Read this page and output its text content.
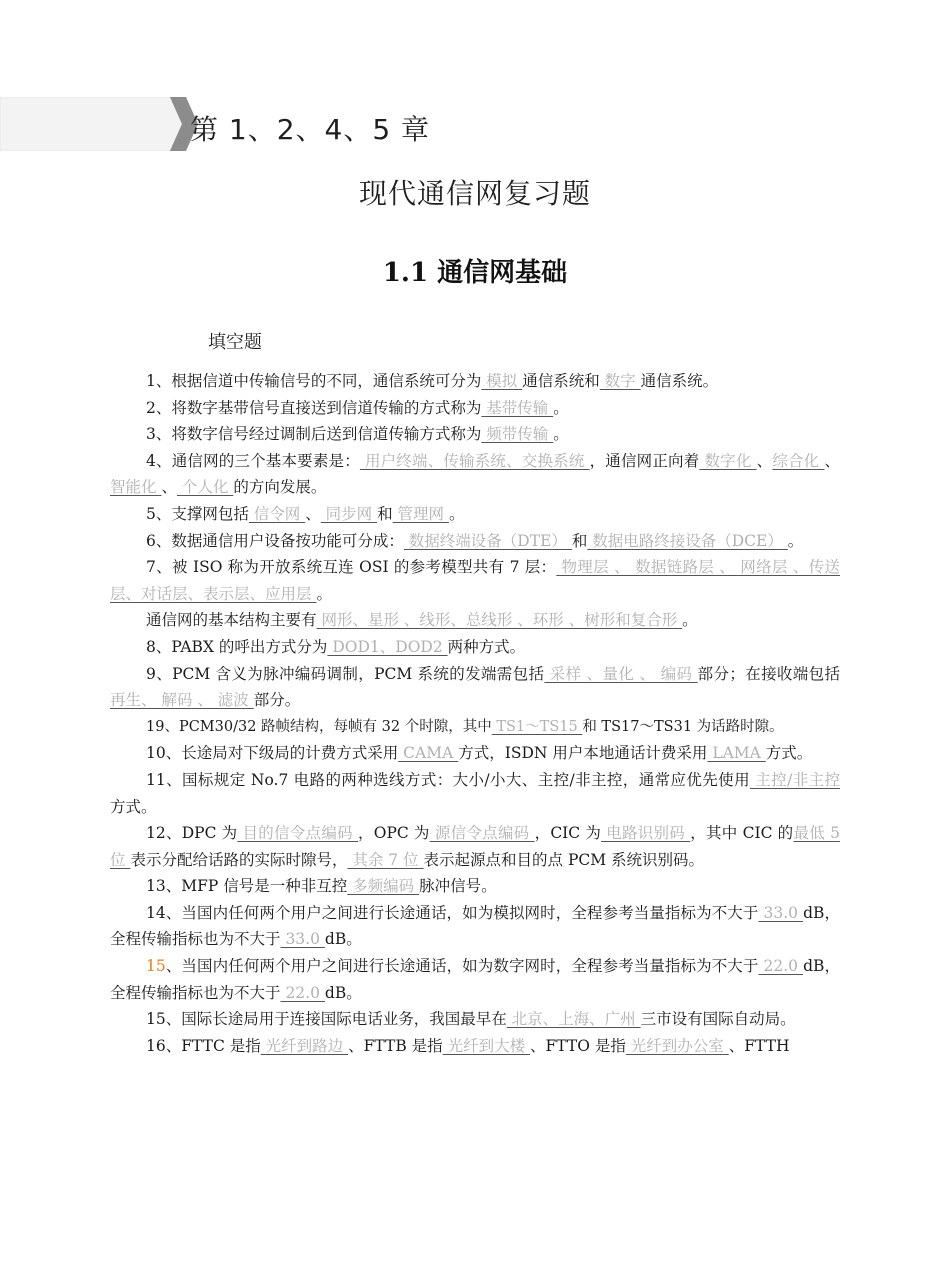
第 1、2、4、5 章
现代通信网复习题
1.1 通信网基础
填空题

1、根据信道中传输信号的不同，通信系统可分为 模拟 通信系统和 数字 通信系统。

2、将数字基带信号直接送到信道传输的方式称为 基带传输 。

3、将数字信号经过调制后送到信道传输方式称为 频带传输 。

4、通信网的三个基本要素是： 用户终端、传输系统、交换系统 ，通信网正向着 数字化 、综合化 、 智能化 、 个人化 的方向发展。

5、支撑网包括 信令网 、 同步网 和 管理网 。

6、数据通信用户设备按功能可分成： 数据终端设备（DTE） 和 数据电路终接设备（DCE） 。

7、被 ISO 称为开放系统互连 OSI 的参考模型共有 7 层： 物理层 、 数据链路层 、 网络层 、传送层、对话层、表示层、应用层 。

通信网的基本结构主要有 网形、星形 、线形、总线形 、环形 、树形和复合形 。

8、PABX 的呼出方式分为 DOD1、DOD2 两种方式。

9、PCM 含义为脉冲编码调制，PCM 系统的发端需包括 采样 、量化 、 编码 部分；在接收端包括 再生、 解码 、 滤波 部分。

19、PCM30/32 路帧结构，每帧有 32 个时隙，其中 TS1～TS15 和 TS17～TS31 为话路时隙。

10、长途局对下级局的计费方式采用 CAMA 方式，ISDN 用户本地通话计费采用 LAMA 方式。

11、国标规定 No.7 电路的两种选线方式：大小/小大、主控/非主控，通常应优先使用 主控/非主控 方式。

12、DPC 为 目的信令点编码 ，OPC 为 源信令点编码 ，CIC 为 电路识别码 ，其中 CIC 的最低 5 位 表示分配给话路的实际时隙号， 其余 7 位 表示起源点和目的点 PCM 系统识别码。

13、MFP 信号是一种非互控 多频编码 脉冲信号。

14、当国内任何两个用户之间进行长途通话，如为模拟网时，全程参考当量指标为不大于 33.0 dB，全程传输指标也为不大于 33.0 dB。

15、当国内任何两个用户之间进行长途通话，如为数字网时，全程参考当量指标为不大于 22.0 dB，全程传输指标也为不大于 22.0 dB。

15、国际长途局用于连接国际电话业务，我国最早在 北京、上海、广州 三市设有国际自动局。

16、FTTC 是指 光纤到路边 、FTTB 是指 光纤到大楼 、FTTO 是指 光纤到办公室 、FTTH
